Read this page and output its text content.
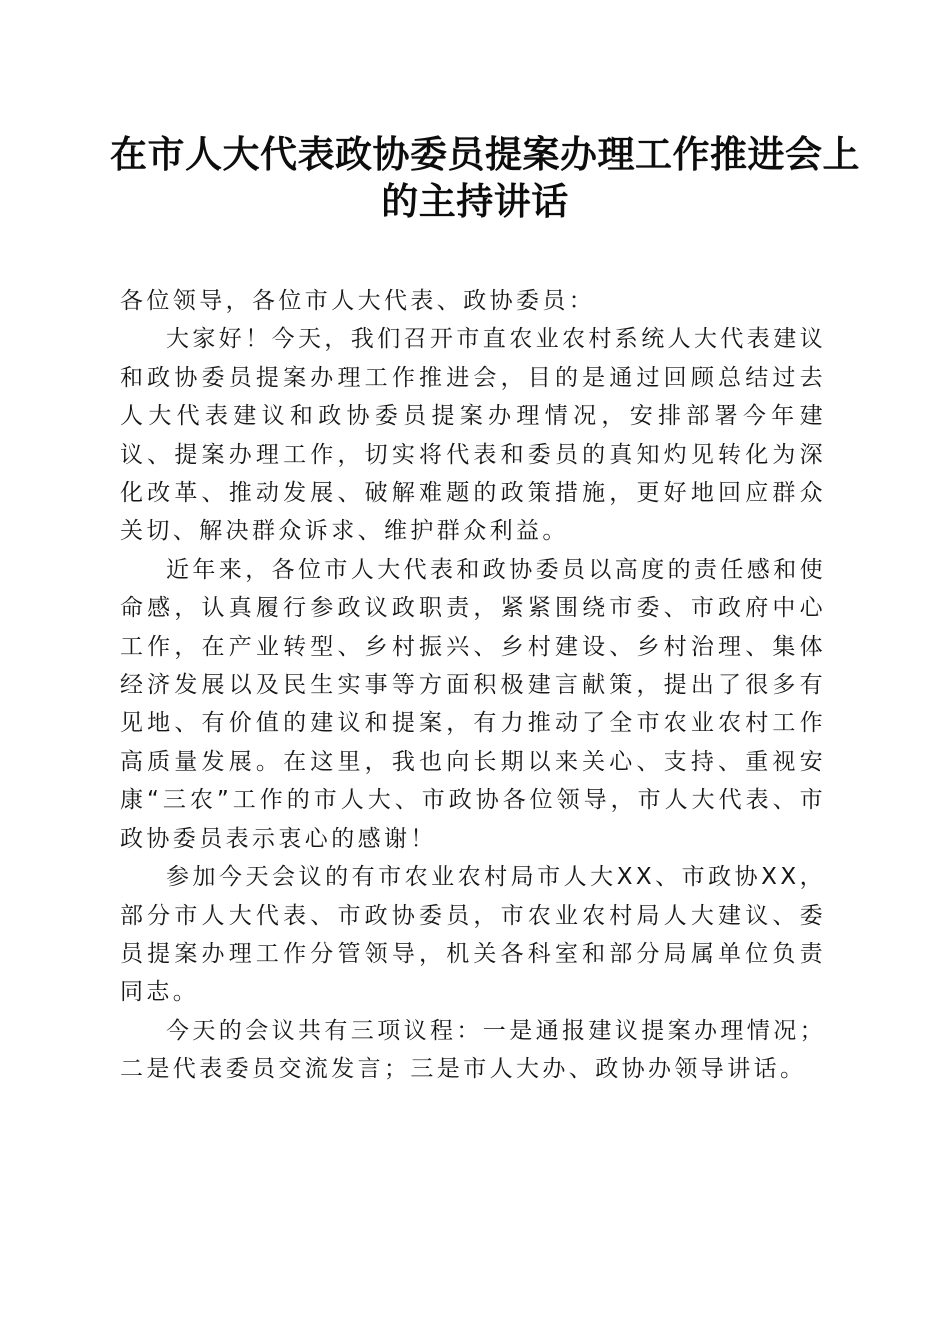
在市人大代表政协委员提案办理工作推进会上
的主持讲话

各位领导，各位市人大代表、政协委员：

大家好！今天，我们召开市直农业农村系统人大代表建议和政协委员提案办理工作推进会，目的是通过回顾总结过去人大代表建议和政协委员提案办理情况，安排部署今年建议、提案办理工作，切实将代表和委员的真知灼见转化为深化改革、推动发展、破解难题的政策措施，更好地回应群众关切、解决群众诉求、维护群众利益。

近年来，各位市人大代表和政协委员以高度的责任感和使命感，认真履行参政议政职责，紧紧围绕市委、市政府中心工作，在产业转型、乡村振兴、乡村建设、乡村治理、集体经济发展以及民生实事等方面积极建言献策，提出了很多有见地、有价值的建议和提案，有力推动了全市农业农村工作高质量发展。在这里，我也向长期以来关心、支持、重视安康“三农”工作的市人大、市政协各位领导，市人大代表、市政协委员表示衷心的感谢！

参加今天会议的有市农业农村局市人大XX、市政协XX，部分市人大代表、市政协委员，市农业农村局人大建议、委员提案办理工作分管领导，机关各科室和部分局属单位负责同志。

今天的会议共有三项议程：一是通报建议提案办理情况；二是代表委员交流发言；三是市人大办、政协办领导讲话。
